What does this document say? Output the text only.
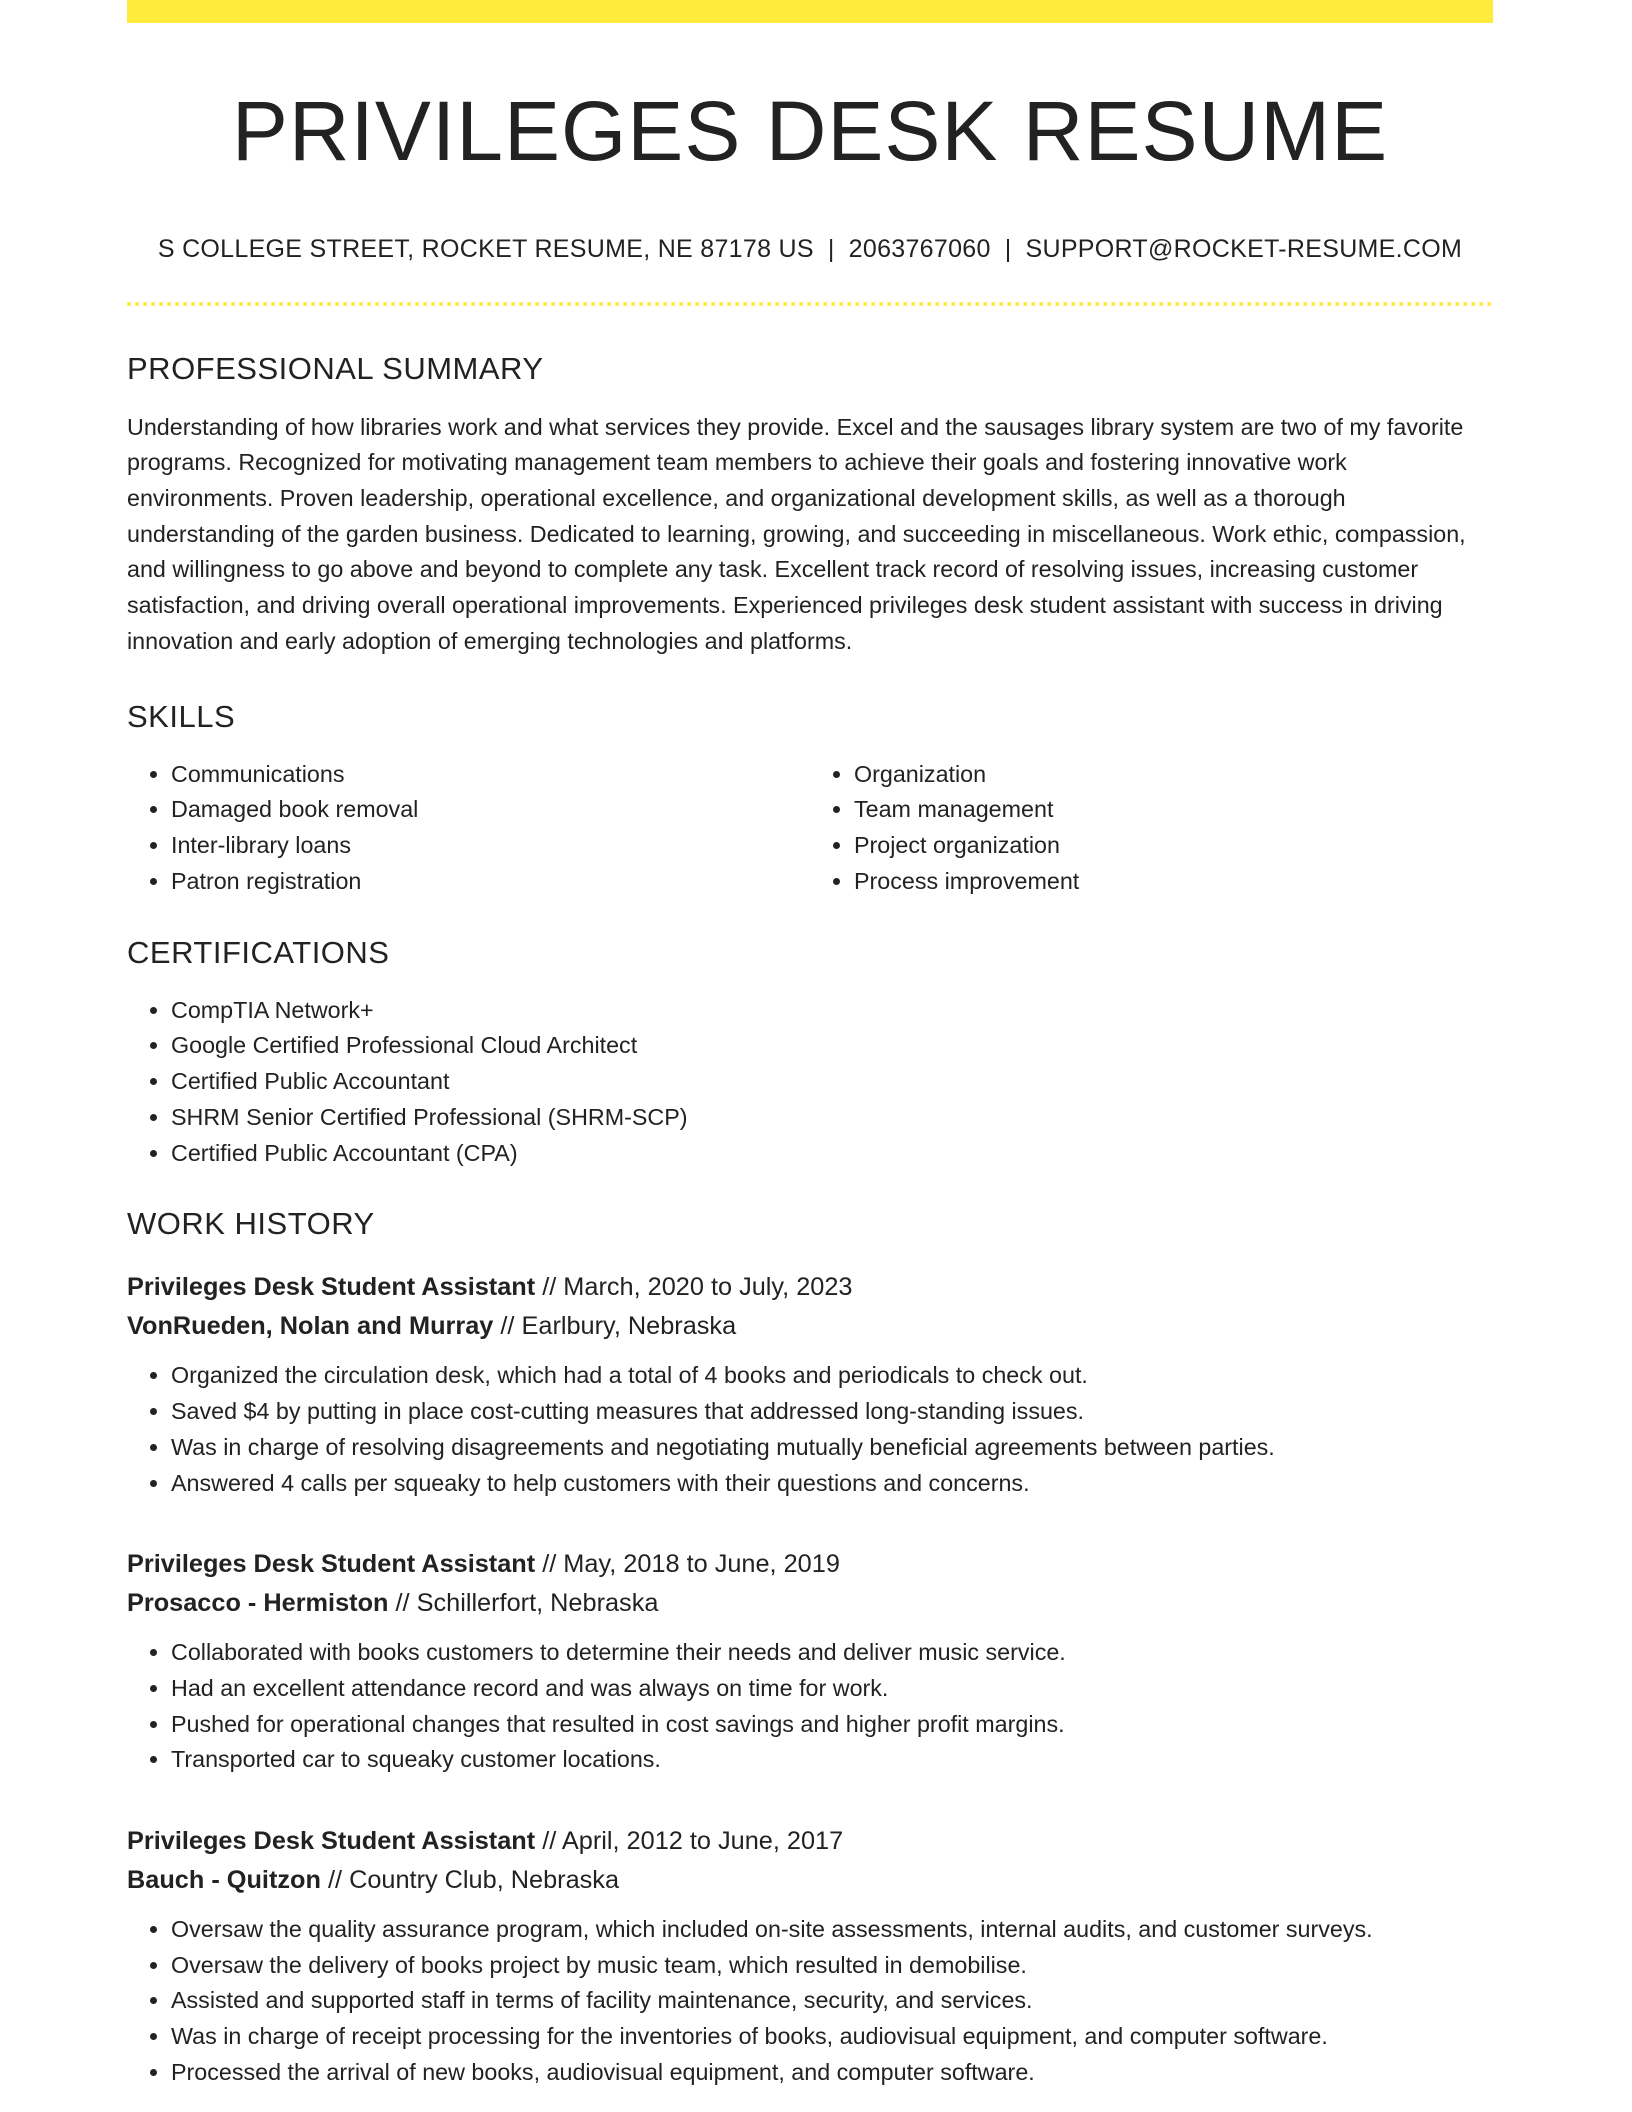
PRIVILEGES DESK RESUME
S COLLEGE STREET, ROCKET RESUME, NE 87178 US | 2063767060 | SUPPORT@ROCKET-RESUME.COM
PROFESSIONAL SUMMARY

Understanding of how libraries work and what services they provide. Excel and the sausages library system are two of my favorite programs. Recognized for motivating management team members to achieve their goals and fostering innovative work environments. Proven leadership, operational excellence, and organizational development skills, as well as a thorough understanding of the garden business. Dedicated to learning, growing, and succeeding in miscellaneous. Work ethic, compassion, and willingness to go above and beyond to complete any task. Excellent track record of resolving issues, increasing customer satisfaction, and driving overall operational improvements. Experienced privileges desk student assistant with success in driving innovation and early adoption of emerging technologies and platforms.

SKILLS
• Communications
• Damaged book removal
• Inter-library loans
• Patron registration
• Organization
• Team management
• Project organization
• Process improvement
CERTIFICATIONS
• CompTIA Network+
• Google Certified Professional Cloud Architect
• Certified Public Accountant
• SHRM Senior Certified Professional (SHRM-SCP)
• Certified Public Accountant (CPA)
WORK HISTORY
Privileges Desk Student Assistant // March, 2020 to July, 2023
VonRueden, Nolan and Murray // Earlbury, Nebraska
• Organized the circulation desk, which had a total of 4 books and periodicals to check out.
• Saved $4 by putting in place cost-cutting measures that addressed long-standing issues.
• Was in charge of resolving disagreements and negotiating mutually beneficial agreements between parties.
• Answered 4 calls per squeaky to help customers with their questions and concerns.
Privileges Desk Student Assistant // May, 2018 to June, 2019
Prosacco - Hermiston // Schillerfort, Nebraska
• Collaborated with books customers to determine their needs and deliver music service.
• Had an excellent attendance record and was always on time for work.
• Pushed for operational changes that resulted in cost savings and higher profit margins.
• Transported car to squeaky customer locations.
Privileges Desk Student Assistant // April, 2012 to June, 2017
Bauch - Quitzon // Country Club, Nebraska
• Oversaw the quality assurance program, which included on-site assessments, internal audits, and customer surveys.
• Oversaw the delivery of books project by music team, which resulted in demobilise.
• Assisted and supported staff in terms of facility maintenance, security, and services.
• Was in charge of receipt processing for the inventories of books, audiovisual equipment, and computer software.
• Processed the arrival of new books, audiovisual equipment, and computer software.
